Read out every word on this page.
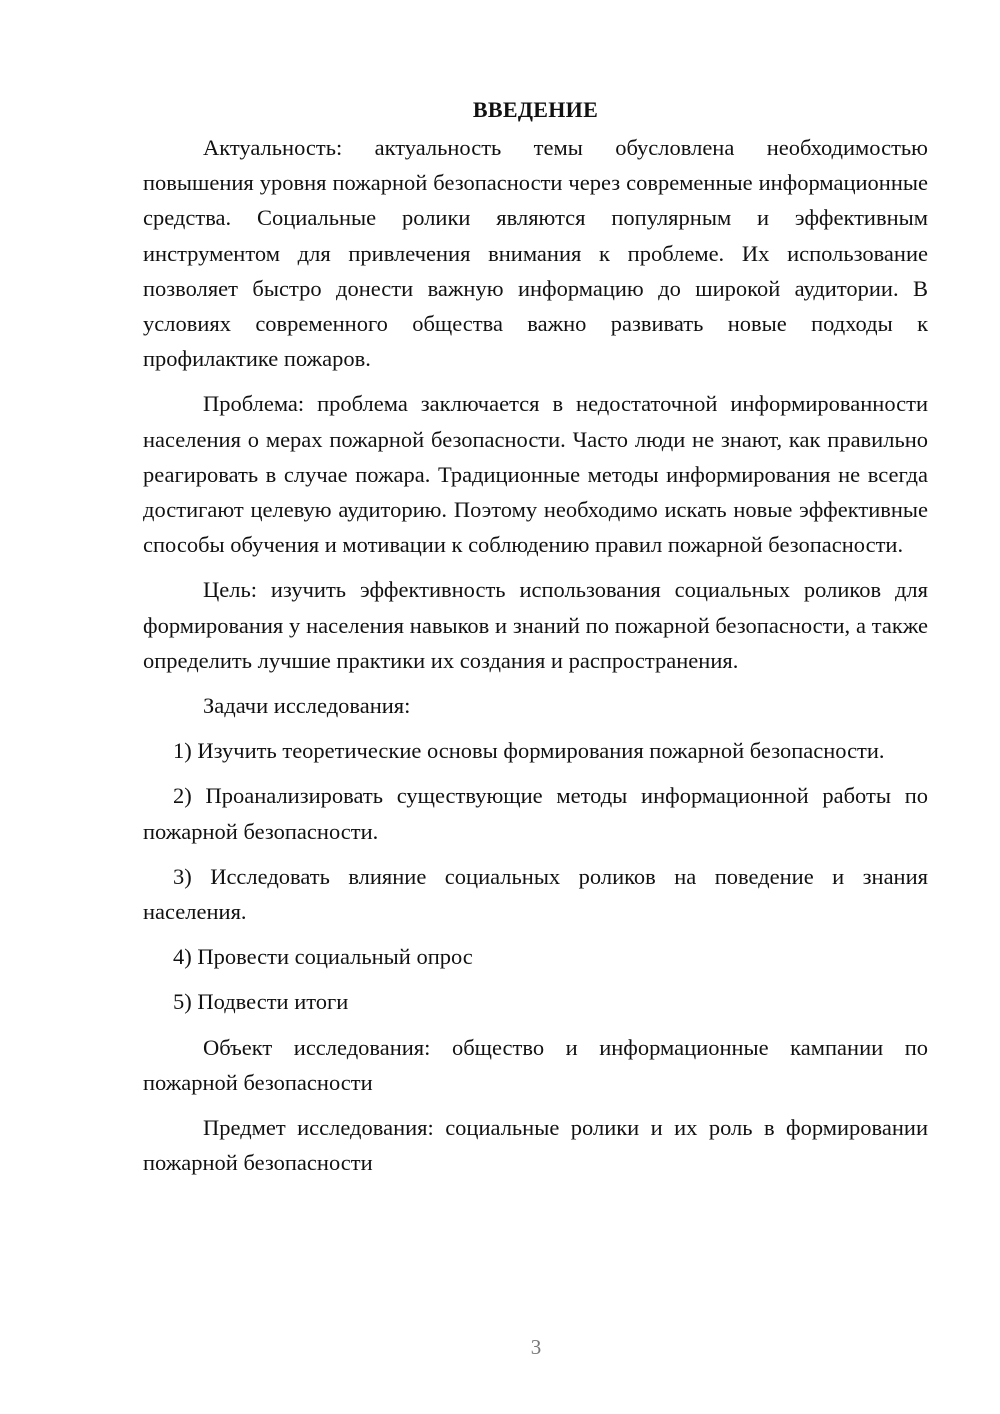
ВВЕДЕНИЕ

Актуальность: актуальность темы обусловлена необходимостью повышения уровня пожарной безопасности через современные информационные средства. Социальные ролики являются популярным и эффективным инструментом для привлечения внимания к проблеме. Их использование позволяет быстро донести важную информацию до широкой аудитории. В условиях современного общества важно развивать новые подходы к профилактике пожаров.

Проблема: проблема заключается в недостаточной информированности населения о мерах пожарной безопасности. Часто люди не знают, как правильно реагировать в случае пожара. Традиционные методы информирования не всегда достигают целевую аудиторию. Поэтому необходимо искать новые эффективные способы обучения и мотивации к соблюдению правил пожарной безопасности.

Цель: изучить эффективность использования социальных роликов для формирования у населения навыков и знаний по пожарной безопасности, а также определить лучшие практики их создания и распространения.

Задачи исследования:

1) Изучить теоретические основы формирования пожарной безопасности.

2) Проанализировать существующие методы информационной работы по пожарной безопасности.

3) Исследовать влияние социальных роликов на поведение и знания населения.

4) Провести социальный опрос

5) Подвести итоги

Объект исследования: общество и информационные кампании по пожарной безопасности

Предмет исследования: социальные ролики и их роль в формировании пожарной безопасности

3
